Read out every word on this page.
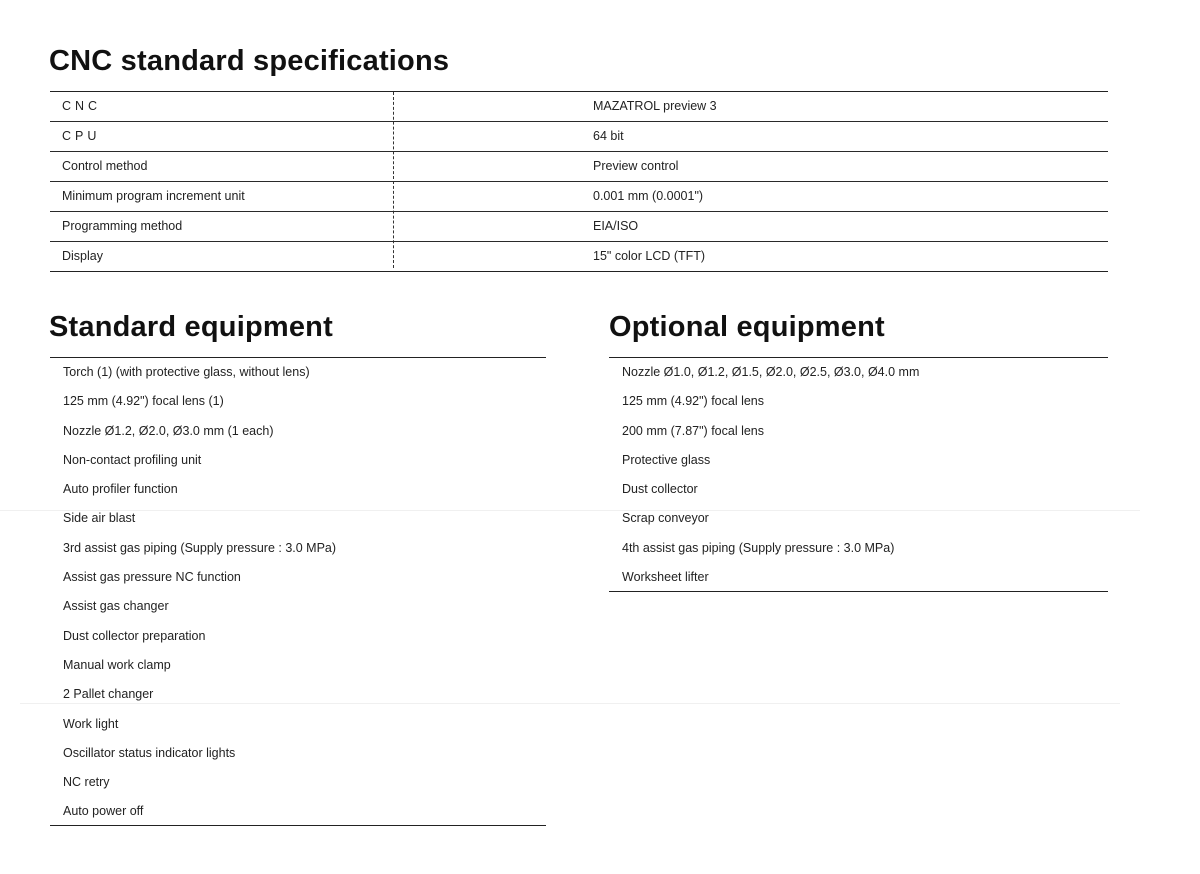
CNC standard specifications
CNC	MAZATROL preview 3
CPU	64 bit
Control method	Preview control
Minimum program increment unit	0.001 mm (0.0001")
Programming method	EIA/ISO
Display	15" color LCD (TFT)
Standard equipment
Torch (1) (with protective glass, without lens)
125 mm (4.92") focal lens (1)
Nozzle Ø1.2, Ø2.0, Ø3.0 mm (1 each)
Non-contact profiling unit
Auto profiler function
Side air blast
3rd assist gas piping (Supply pressure : 3.0 MPa)
Assist gas pressure NC function
Assist gas changer
Dust collector preparation
Manual work clamp
2 Pallet changer
Work light
Oscillator status indicator lights
NC retry
Auto power off
Optional equipment
Nozzle Ø1.0, Ø1.2, Ø1.5, Ø2.0, Ø2.5, Ø3.0, Ø4.0 mm
125 mm (4.92") focal lens
200 mm (7.87") focal lens
Protective glass
Dust collector
Scrap conveyor
4th assist gas piping (Supply pressure : 3.0 MPa)
Worksheet lifter
